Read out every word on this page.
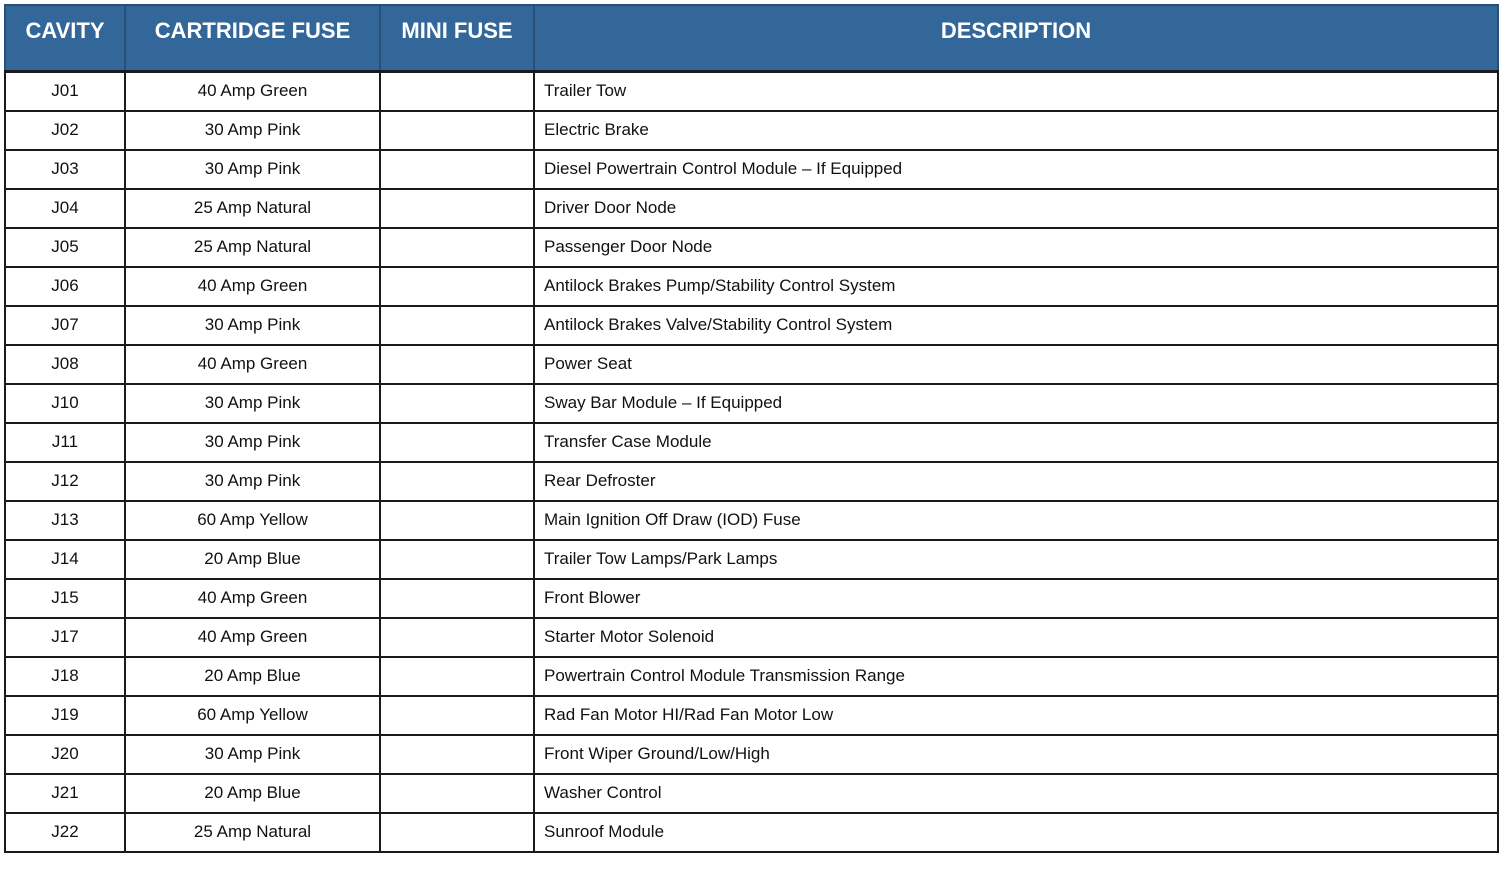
CAVITY	CARTRIDGE FUSE	MINI FUSE	DESCRIPTION
J01	40 Amp Green		Trailer Tow
J02	30 Amp Pink		Electric Brake
J03	30 Amp Pink		Diesel Powertrain Control Module – If Equipped
J04	25 Amp Natural		Driver Door Node
J05	25 Amp Natural		Passenger Door Node
J06	40 Amp Green		Antilock Brakes Pump/Stability Control System
J07	30 Amp Pink		Antilock Brakes Valve/Stability Control System
J08	40 Amp Green		Power Seat
J10	30 Amp Pink		Sway Bar Module – If Equipped
J11	30 Amp Pink		Transfer Case Module
J12	30 Amp Pink		Rear Defroster
J13	60 Amp Yellow		Main Ignition Off Draw (IOD) Fuse
J14	20 Amp Blue		Trailer Tow Lamps/Park Lamps
J15	40 Amp Green		Front Blower
J17	40 Amp Green		Starter Motor Solenoid
J18	20 Amp Blue		Powertrain Control Module Transmission Range
J19	60 Amp Yellow		Rad Fan Motor HI/Rad Fan Motor Low
J20	30 Amp Pink		Front Wiper Ground/Low/High
J21	20 Amp Blue		Washer Control
J22	25 Amp Natural		Sunroof Module
